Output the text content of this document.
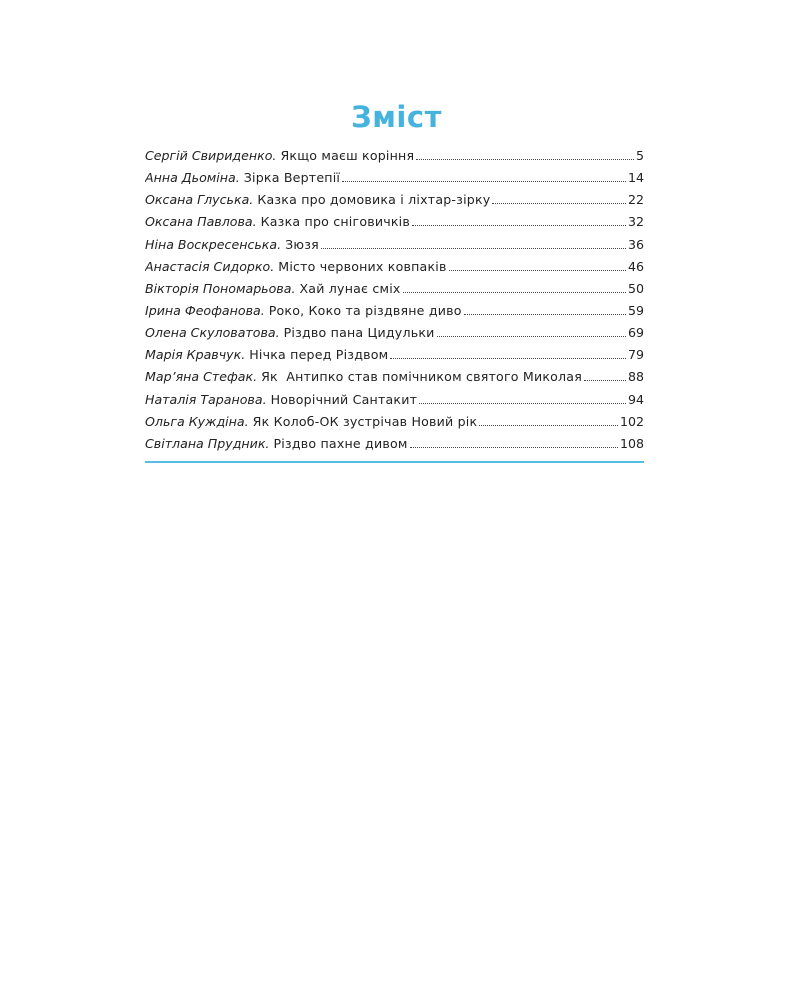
Зміст
Сергій Свириденко. Якщо маєш коріння	5
Анна Дьоміна. Зірка Вертепії	14
Оксана Глуська. Казка про домовика і ліхтар-зірку	22
Оксана Павлова. Казка про сніговичків	32
Ніна Воскресенська. Зюзя	36
Анастасія Сидорко. Місто червоних ковпаків	46
Вікторія Пономарьова. Хай лунає сміх	50
Ірина Феофанова. Роко, Коко та різдвяне диво	59
Олена Скуловатова. Різдво пана Цидульки	69
Марія Кравчук. Нічка перед Різдвом	79
Мар’яна Стефак. Як  Антипко став помічником святого Миколая	88
Наталія Таранова. Новорічний Сантакит	94
Ольга Куждіна. Як Колоб-ОК зустрічав Новий рік	102
Світлана Прудник. Різдво пахне дивом	108
